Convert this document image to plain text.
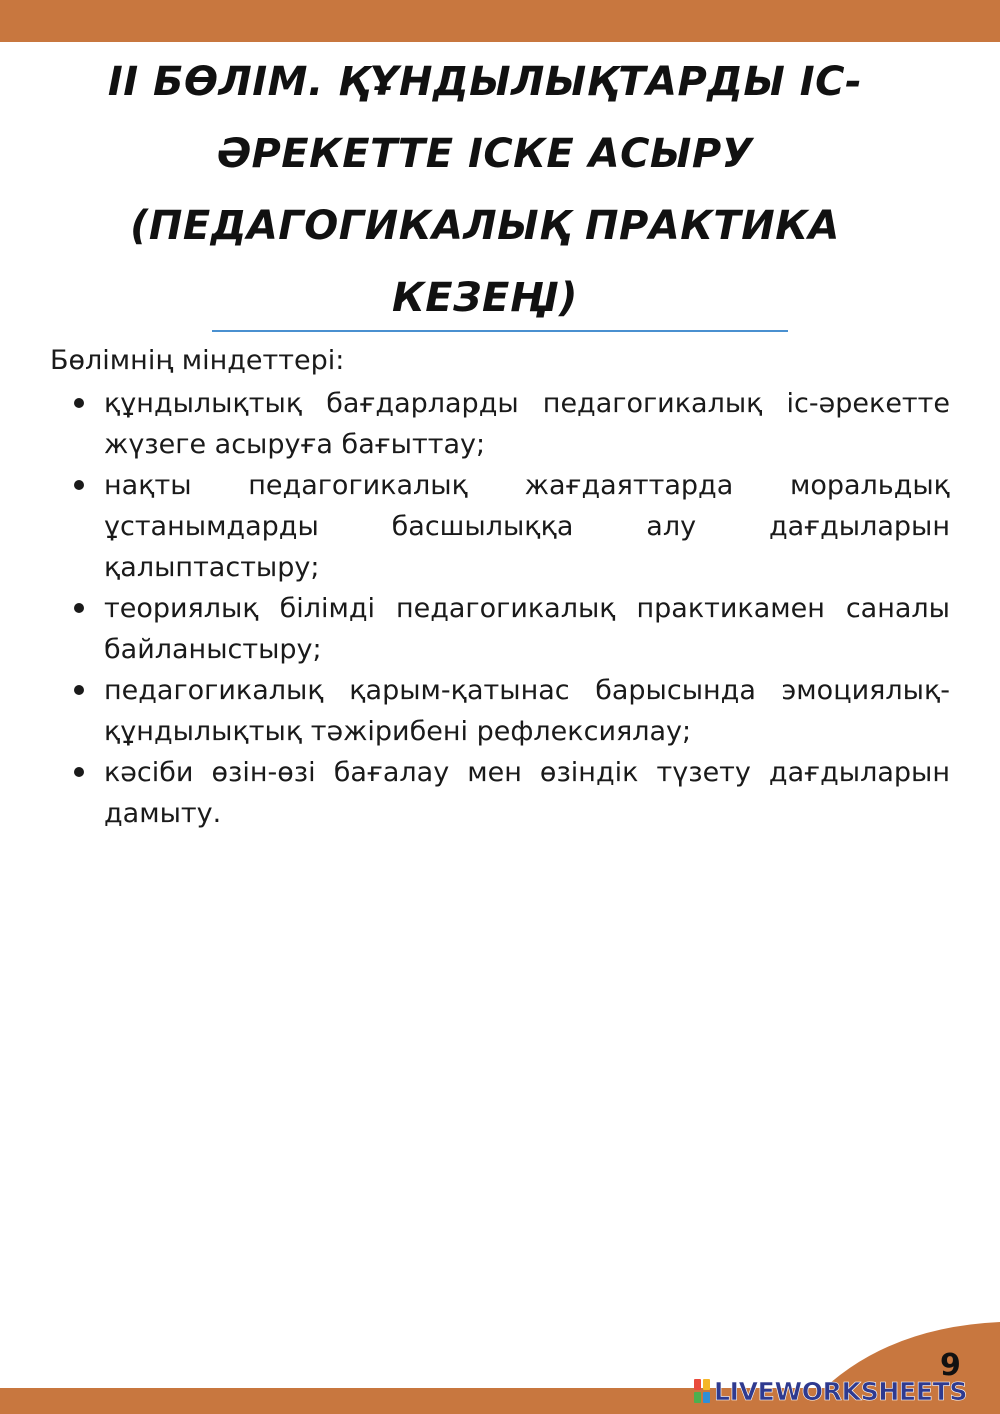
II БӨЛІМ. ҚҰНДЫЛЫҚТАРДЫ ІС-
ӘРЕКЕТТЕ ІСКЕ АСЫРУ
(ПЕДАГОГИКАЛЫҚ ПРАКТИКА
КЕЗЕҢІ)

Бөлімнің міндеттері:

құндылықтық бағдарларды педагогикалық іс-әрекетте жүзеге асыруға бағыттау;
нақты педагогикалық жағдаяттарда моральдық ұстанымдарды басшылыққа алу дағдыларын қалыптастыру;
теориялық білімді педагогикалық практикамен саналы байланыстыру;
педагогикалық қарым-қатынас барысында эмоциялық-құндылықтық тәжірибені рефлексиялау;
кәсіби өзін-өзі бағалау мен өзіндік түзету дағдыларын дамыту.
9
LIVEWORKSHEETS
